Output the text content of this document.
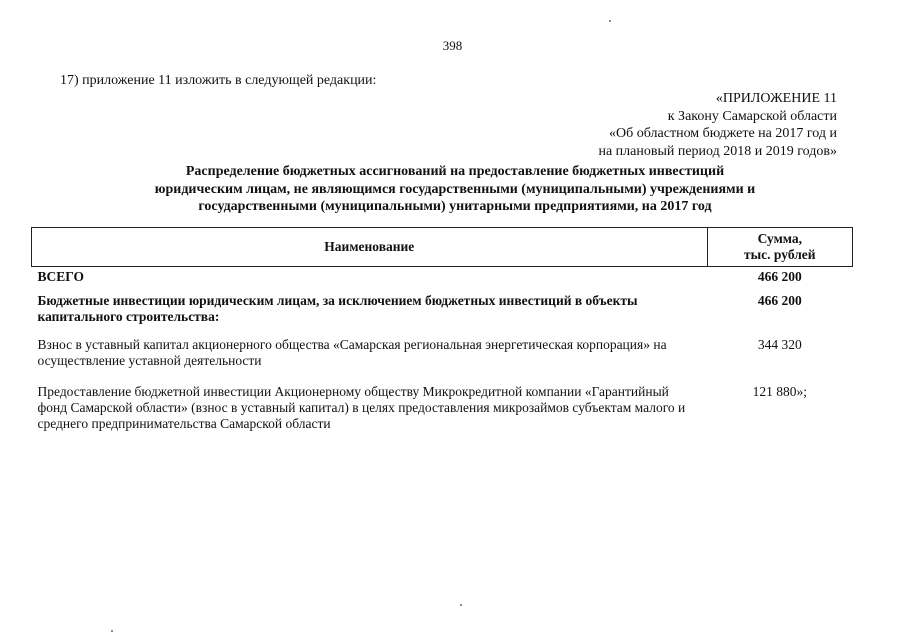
398
17) приложение 11 изложить в следующей редакции:
«ПРИЛОЖЕНИЕ 11
к Закону Самарской области
«Об областном бюджете на 2017 год и
на плановый период 2018 и 2019 годов»
Распределение бюджетных ассигнований на предоставление бюджетных инвестиций
юридическим лицам, не являющимся государственными (муниципальными) учреждениями и
государственными (муниципальными) унитарными предприятиями, на 2017 год
Наименование	Сумма,
тыс. рублей
ВСЕГО	466 200
Бюджетные инвестиции юридическим лицам, за исключением бюджетных инвестиций в объекты капитального строительства:	466 200
Взнос в уставный капитал акционерного общества «Самарская региональная энергетическая корпорация» на осуществление уставной деятельности	344 320
Предоставление бюджетной инвестиции Акционерному обществу Микрокредитной компании «Гарантийный фонд Самарской области» (взнос в уставный капитал) в целях предоставления микрозаймов субъектам малого и среднего предпринимательства Самарской области	121 880»;
